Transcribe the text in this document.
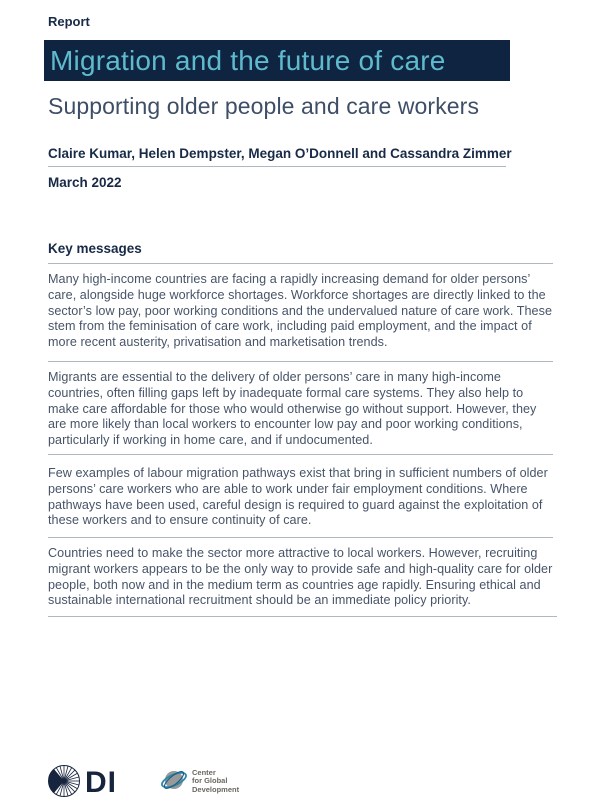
Report
Migration and the future of care
Supporting older people and care workers
Claire Kumar, Helen Dempster, Megan O’Donnell and Cassandra Zimmer
March 2022
Key messages

Many high-income countries are facing a rapidly increasing demand for older persons’ care, alongside huge workforce shortages. Workforce shortages are directly linked to the sector’s low pay, poor working conditions and the undervalued nature of care work. These stem from the feminisation of care work, including paid employment, and the impact of more recent austerity, privatisation and marketisation trends.

Migrants are essential to the delivery of older persons’ care in many high-income countries, often filling gaps left by inadequate formal care systems. They also help to make care affordable for those who would otherwise go without support. However, they are more likely than local workers to encounter low pay and poor working conditions, particularly if working in home care, and if undocumented.

Few examples of labour migration pathways exist that bring in sufficient numbers of older persons’ care workers who are able to work under fair employment conditions. Where pathways have been used, careful design is required to guard against the exploitation of these workers and to ensure continuity of care.

Countries need to make the sector more attractive to local workers. However, recruiting migrant workers appears to be the only way to provide safe and high-quality care for older people, both now and in the medium term as countries age rapidly. Ensuring ethical and sustainable international recruitment should be an immediate policy priority.

DI	Center
for Global
Development
